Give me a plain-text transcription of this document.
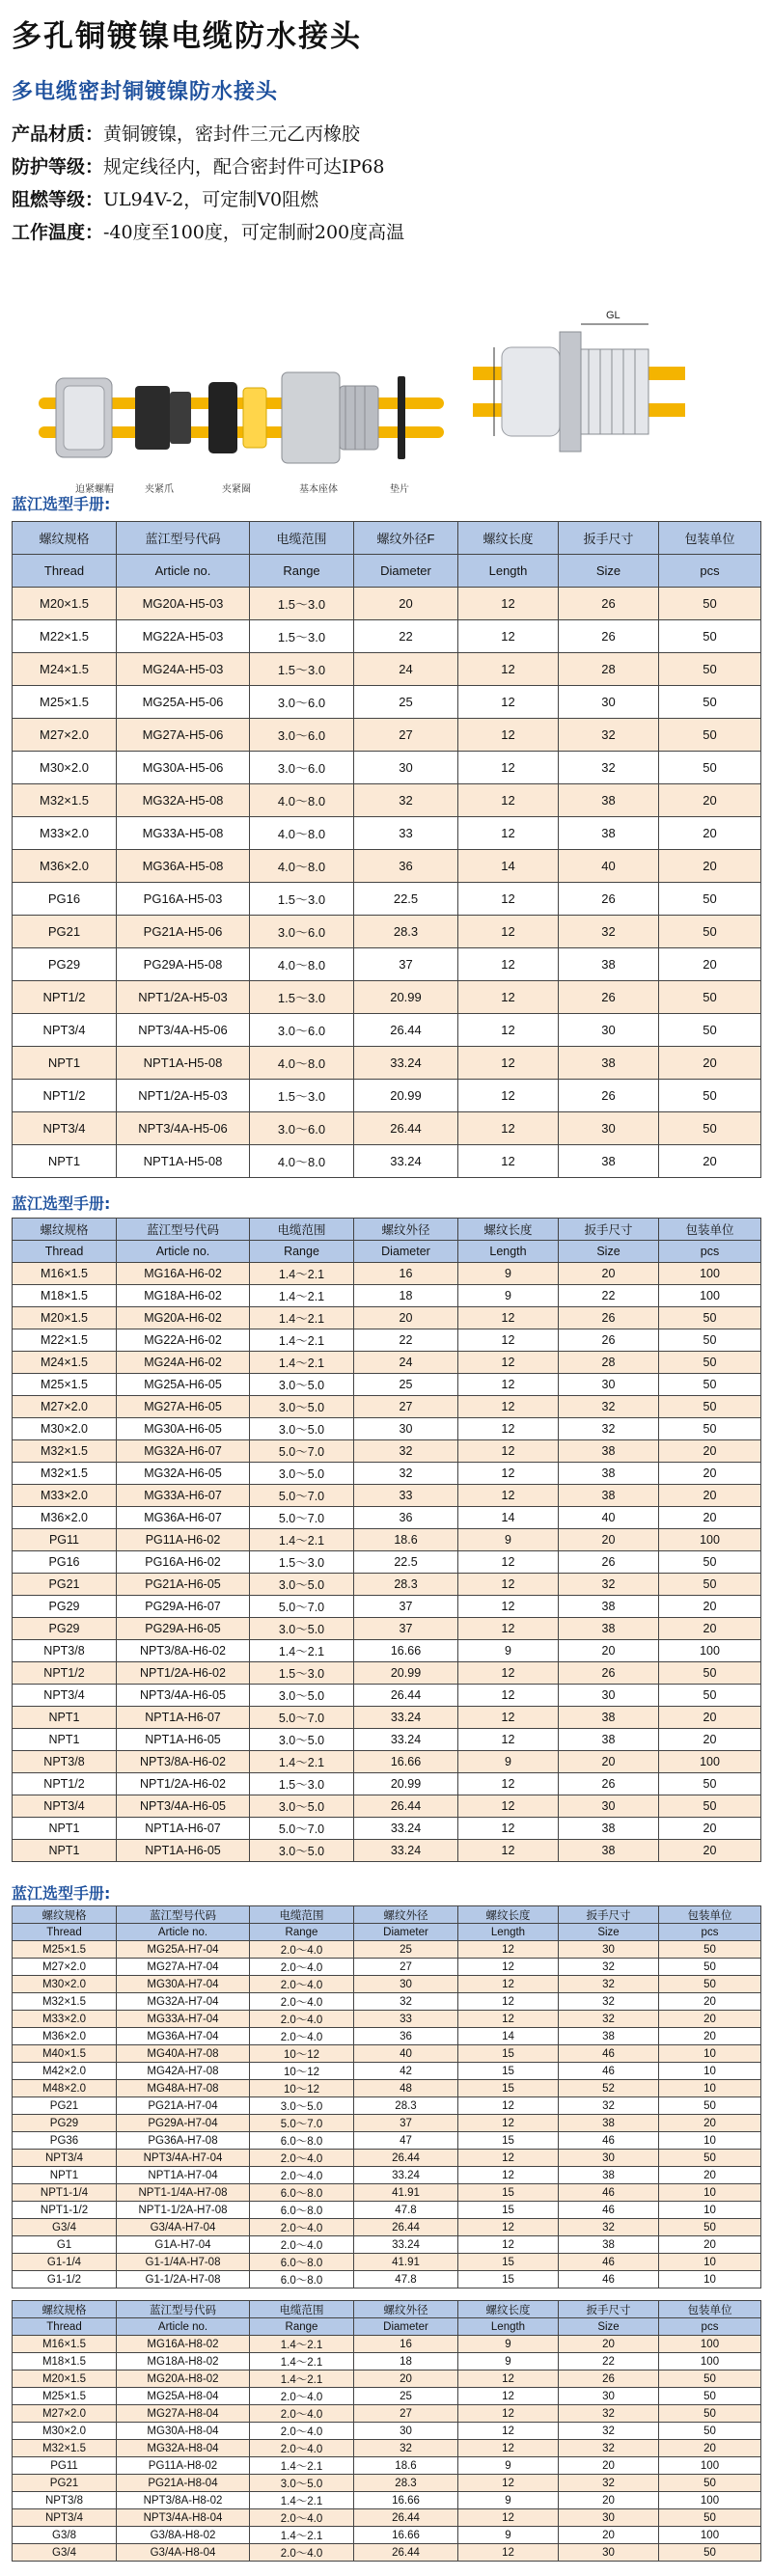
多孔铜镀镍电缆防水接头
多电缆密封铜镀镍防水接头
产品材质：黄铜镀镍，密封件三元乙丙橡胶
防护等级：规定线径内，配合密封件可达IP68
阻燃等级：UL94V-2，可定制V0阻燃
工作温度：-40度至100度，可定制耐200度高温
迫紧螺帽	夹紧爪	夹紧圈	基本座体	垫片
GL
蓝江选型手册:
螺纹规格	蓝江型号代码	电缆范围	螺纹外径F	螺纹长度	扳手尺寸	包装单位
Thread	Article no.	Range	Diameter	Length	Size	pcs
M20×1.5	MG20A-H5-03	1.5～3.0	20	12	26	50
M22×1.5	MG22A-H5-03	1.5～3.0	22	12	26	50
M24×1.5	MG24A-H5-03	1.5～3.0	24	12	28	50
M25×1.5	MG25A-H5-06	3.0～6.0	25	12	30	50
M27×2.0	MG27A-H5-06	3.0～6.0	27	12	32	50
M30×2.0	MG30A-H5-06	3.0～6.0	30	12	32	50
M32×1.5	MG32A-H5-08	4.0～8.0	32	12	38	20
M33×2.0	MG33A-H5-08	4.0～8.0	33	12	38	20
M36×2.0	MG36A-H5-08	4.0～8.0	36	14	40	20
PG16	PG16A-H5-03	1.5～3.0	22.5	12	26	50
PG21	PG21A-H5-06	3.0～6.0	28.3	12	32	50
PG29	PG29A-H5-08	4.0～8.0	37	12	38	20
NPT1/2	NPT1/2A-H5-03	1.5～3.0	20.99	12	26	50
NPT3/4	NPT3/4A-H5-06	3.0～6.0	26.44	12	30	50
NPT1	NPT1A-H5-08	4.0～8.0	33.24	12	38	20
NPT1/2	NPT1/2A-H5-03	1.5～3.0	20.99	12	26	50
NPT3/4	NPT3/4A-H5-06	3.0～6.0	26.44	12	30	50
NPT1	NPT1A-H5-08	4.0～8.0	33.24	12	38	20
蓝江选型手册:
螺纹规格	蓝江型号代码	电缆范围	螺纹外径	螺纹长度	扳手尺寸	包装单位
Thread	Article no.	Range	Diameter	Length	Size	pcs
M16×1.5	MG16A-H6-02	1.4～2.1	16	9	20	100
M18×1.5	MG18A-H6-02	1.4～2.1	18	9	22	100
M20×1.5	MG20A-H6-02	1.4～2.1	20	12	26	50
M22×1.5	MG22A-H6-02	1.4～2.1	22	12	26	50
M24×1.5	MG24A-H6-02	1.4～2.1	24	12	28	50
M25×1.5	MG25A-H6-05	3.0～5.0	25	12	30	50
M27×2.0	MG27A-H6-05	3.0～5.0	27	12	32	50
M30×2.0	MG30A-H6-05	3.0～5.0	30	12	32	50
M32×1.5	MG32A-H6-07	5.0～7.0	32	12	38	20
M32×1.5	MG32A-H6-05	3.0～5.0	32	12	38	20
M33×2.0	MG33A-H6-07	5.0～7.0	33	12	38	20
M36×2.0	MG36A-H6-07	5.0～7.0	36	14	40	20
PG11	PG11A-H6-02	1.4～2.1	18.6	9	20	100
PG16	PG16A-H6-02	1.5～3.0	22.5	12	26	50
PG21	PG21A-H6-05	3.0～5.0	28.3	12	32	50
PG29	PG29A-H6-07	5.0～7.0	37	12	38	20
PG29	PG29A-H6-05	3.0～5.0	37	12	38	20
NPT3/8	NPT3/8A-H6-02	1.4～2.1	16.66	9	20	100
NPT1/2	NPT1/2A-H6-02	1.5～3.0	20.99	12	26	50
NPT3/4	NPT3/4A-H6-05	3.0～5.0	26.44	12	30	50
NPT1	NPT1A-H6-07	5.0～7.0	33.24	12	38	20
NPT1	NPT1A-H6-05	3.0～5.0	33.24	12	38	20
NPT3/8	NPT3/8A-H6-02	1.4～2.1	16.66	9	20	100
NPT1/2	NPT1/2A-H6-02	1.5～3.0	20.99	12	26	50
NPT3/4	NPT3/4A-H6-05	3.0～5.0	26.44	12	30	50
NPT1	NPT1A-H6-07	5.0～7.0	33.24	12	38	20
NPT1	NPT1A-H6-05	3.0～5.0	33.24	12	38	20
蓝江选型手册:
螺纹规格	蓝江型号代码	电缆范围	螺纹外径	螺纹长度	扳手尺寸	包装单位
Thread	Article no.	Range	Diameter	Length	Size	pcs
M25×1.5	MG25A-H7-04	2.0～4.0	25	12	30	50
M27×2.0	MG27A-H7-04	2.0～4.0	27	12	32	50
M30×2.0	MG30A-H7-04	2.0～4.0	30	12	32	50
M32×1.5	MG32A-H7-04	2.0～4.0	32	12	32	20
M33×2.0	MG33A-H7-04	2.0～4.0	33	12	32	20
M36×2.0	MG36A-H7-04	2.0～4.0	36	14	38	20
M40×1.5	MG40A-H7-08	10～12	40	15	46	10
M42×2.0	MG42A-H7-08	10～12	42	15	46	10
M48×2.0	MG48A-H7-08	10～12	48	15	52	10
PG21	PG21A-H7-04	3.0～5.0	28.3	12	32	50
PG29	PG29A-H7-04	5.0～7.0	37	12	38	20
PG36	PG36A-H7-08	6.0～8.0	47	15	46	10
NPT3/4	NPT3/4A-H7-04	2.0～4.0	26.44	12	30	50
NPT1	NPT1A-H7-04	2.0～4.0	33.24	12	38	20
NPT1-1/4	NPT1-1/4A-H7-08	6.0～8.0	41.91	15	46	10
NPT1-1/2	NPT1-1/2A-H7-08	6.0～8.0	47.8	15	46	10
G3/4	G3/4A-H7-04	2.0～4.0	26.44	12	32	50
G1	G1A-H7-04	2.0～4.0	33.24	12	38	20
G1-1/4	G1-1/4A-H7-08	6.0～8.0	41.91	15	46	10
G1-1/2	G1-1/2A-H7-08	6.0～8.0	47.8	15	46	10
螺纹规格	蓝江型号代码	电缆范围	螺纹外径	螺纹长度	扳手尺寸	包装单位
Thread	Article no.	Range	Diameter	Length	Size	pcs
M16×1.5	MG16A-H8-02	1.4～2.1	16	9	20	100
M18×1.5	MG18A-H8-02	1.4～2.1	18	9	22	100
M20×1.5	MG20A-H8-02	1.4～2.1	20	12	26	50
M25×1.5	MG25A-H8-04	2.0～4.0	25	12	30	50
M27×2.0	MG27A-H8-04	2.0～4.0	27	12	32	50
M30×2.0	MG30A-H8-04	2.0～4.0	30	12	32	50
M32×1.5	MG32A-H8-04	2.0～4.0	32	12	32	20
PG11	PG11A-H8-02	1.4～2.1	18.6	9	20	100
PG21	PG21A-H8-04	3.0～5.0	28.3	12	32	50
NPT3/8	NPT3/8A-H8-02	1.4～2.1	16.66	9	20	100
NPT3/4	NPT3/4A-H8-04	2.0～4.0	26.44	12	30	50
G3/8	G3/8A-H8-02	1.4～2.1	16.66	9	20	100
G3/4	G3/4A-H8-04	2.0～4.0	26.44	12	30	50
